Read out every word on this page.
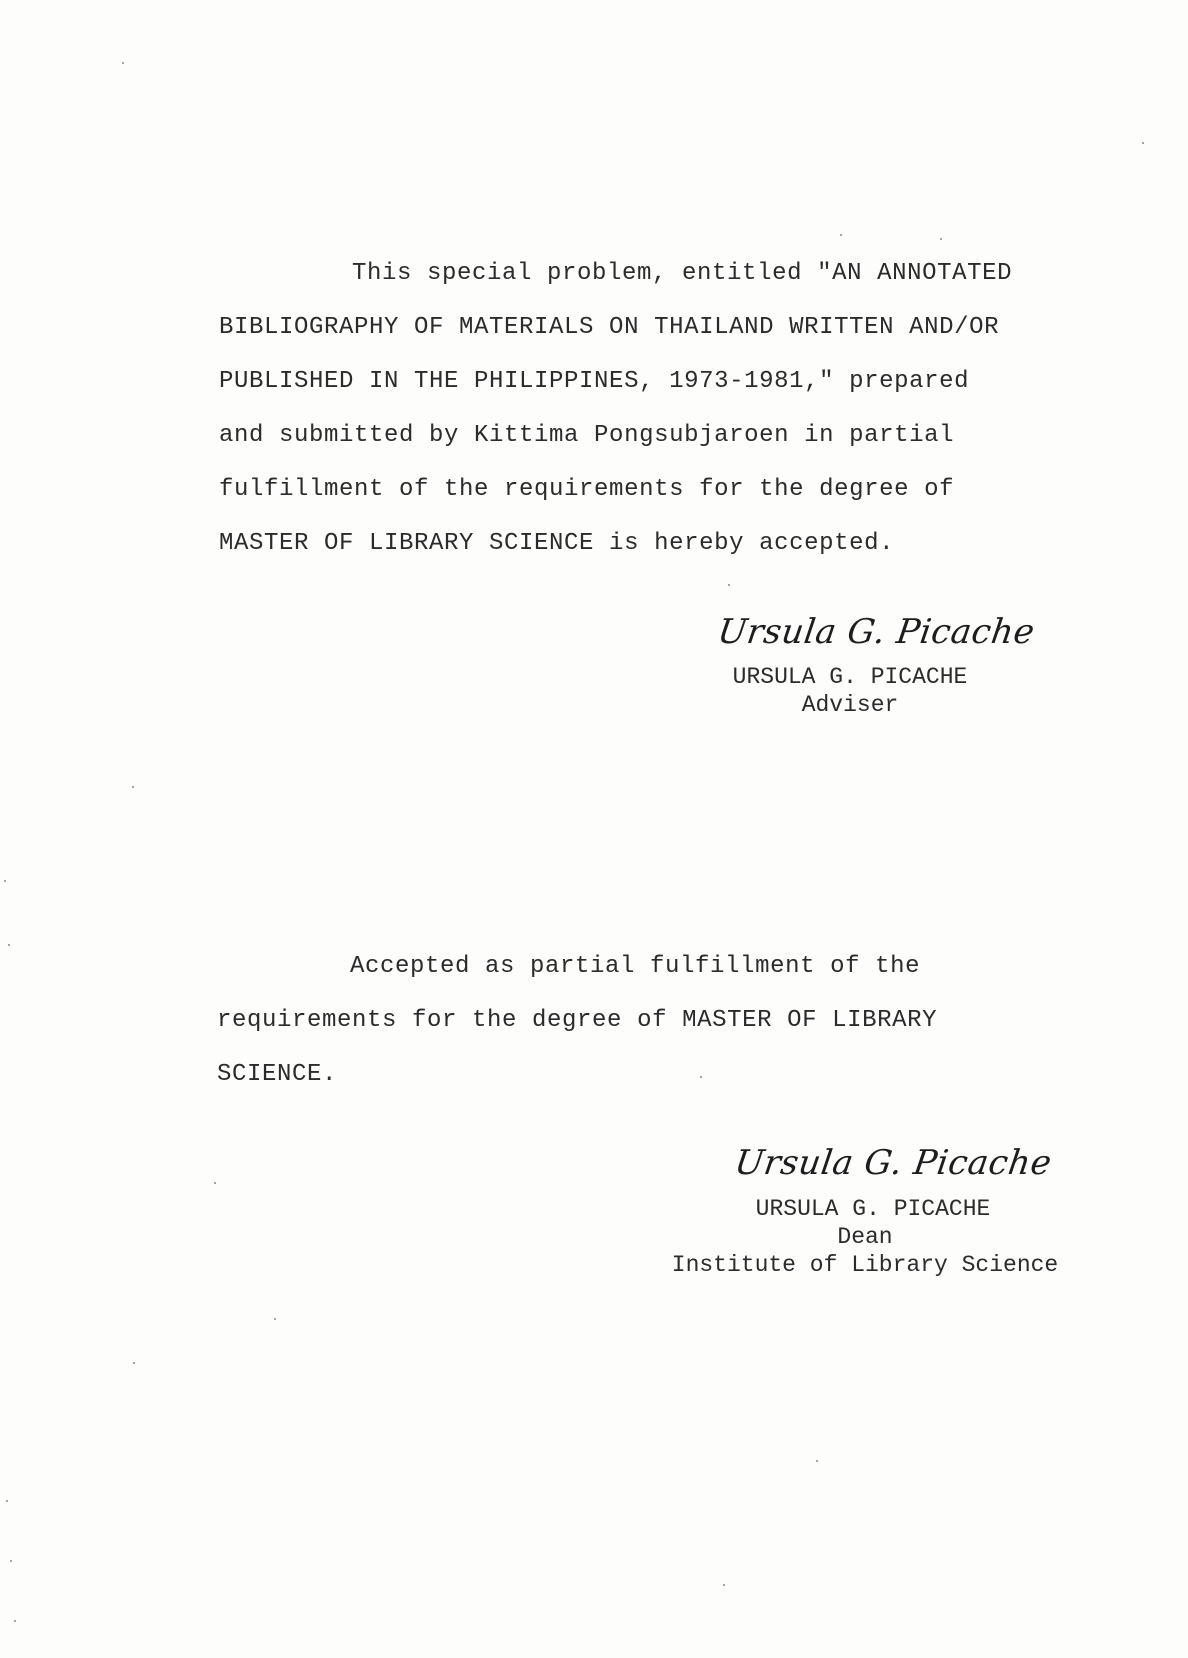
This special problem, entitled "AN ANNOTATED
BIBLIOGRAPHY OF MATERIALS ON THAILAND WRITTEN AND/OR
PUBLISHED IN THE PHILIPPINES, 1973-1981," prepared
and submitted by Kittima Pongsubjaroen in partial
fulfillment of the requirements for the degree of
MASTER OF LIBRARY SCIENCE is hereby accepted.
Ursula G. Picache
URSULA G. PICACHE
Adviser
Accepted as partial fulfillment of the
requirements for the degree of MASTER OF LIBRARY
SCIENCE.
Ursula G. Picache
URSULA G. PICACHE
Dean
Institute of Library Science
